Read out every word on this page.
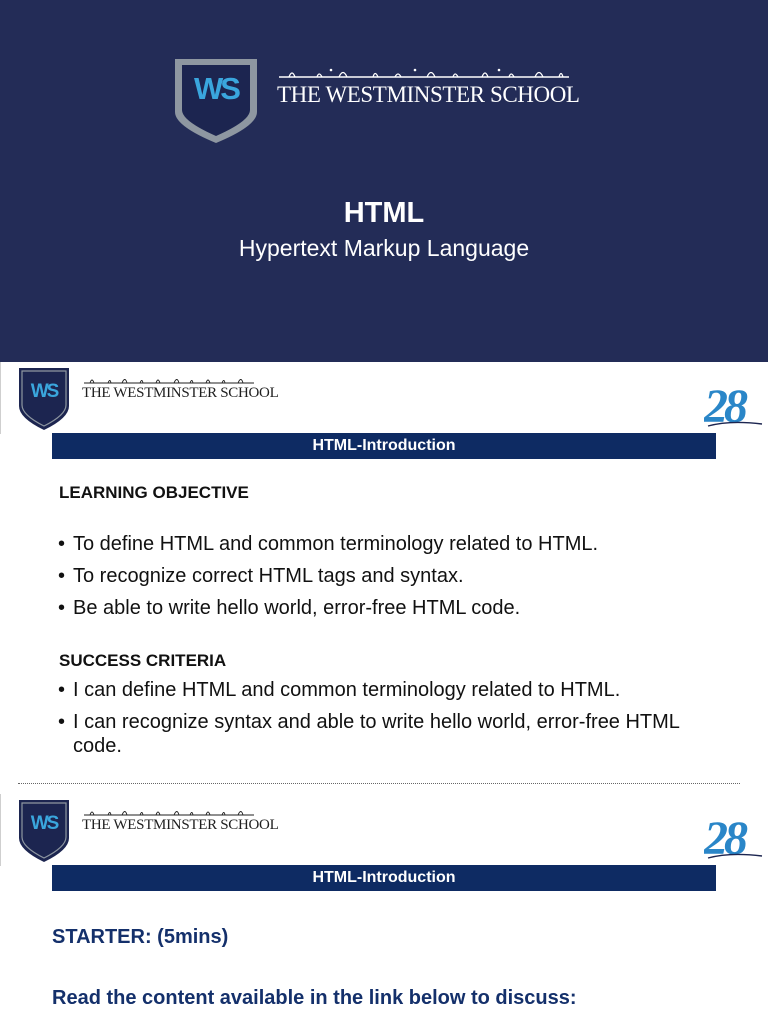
WS THE WESTMINSTER SCHOOL
HTML
Hypertext Markup Language
WS THE WESTMINSTER SCHOOL	28
HTML-Introduction
LEARNING OBJECTIVE
• To define HTML and common terminology related to HTML.
• To recognize correct HTML tags and syntax.
• Be able to write hello world, error-free HTML code.
SUCCESS CRITERIA
• I can define HTML and common terminology related to HTML.
• I can recognize syntax and able to write hello world, error-free HTML code.
WS THE WESTMINSTER SCHOOL	28
HTML-Introduction
STARTER: (5mins)
Read the content available in the link below to discuss:
